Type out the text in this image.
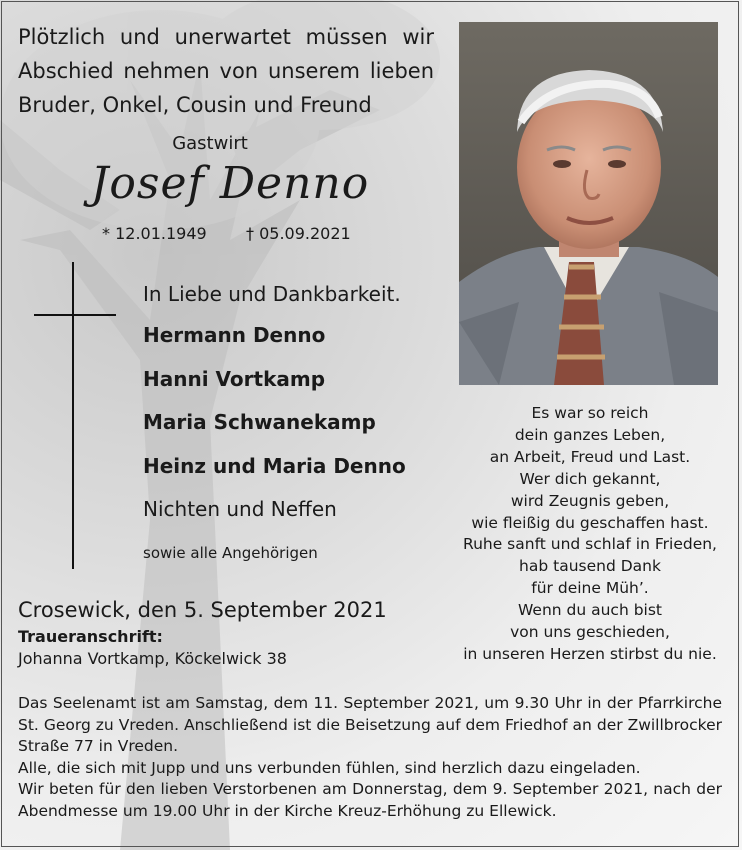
Plötzlich und unerwartet müssen wir
Abschied nehmen von unserem lieben
Bruder, Onkel, Cousin und Freund
Gastwirt
Josef Denno
* 12.01.1949 † 05.09.2021
In Liebe und Dankbarkeit.
Hermann Denno
Hanni Vortkamp
Maria Schwanekamp
Heinz und Maria Denno
Nichten und Neffen
sowie alle Angehörigen
Crosewick, den 5. September 2021
Traueranschrift:
Johanna Vortkamp, Köckelwick 38
Es war so reich
dein ganzes Leben,
an Arbeit, Freud und Last.
Wer dich gekannt,
wird Zeugnis geben,
wie fleißig du geschaffen hast.
Ruhe sanft und schlaf in Frieden,
hab tausend Dank
für deine Müh’.
Wenn du auch bist
von uns geschieden,
in unseren Herzen stirbst du nie.
Das Seelenamt ist am Samstag, dem 11. September 2021, um 9.30 Uhr in der Pfarrkirche
St. Georg zu Vreden. Anschließend ist die Beisetzung auf dem Friedhof an der Zwillbrocker
Straße 77 in Vreden.
Alle, die sich mit Jupp und uns verbunden fühlen, sind herzlich dazu eingeladen.
Wir beten für den lieben Verstorbenen am Donnerstag, dem 9. September 2021, nach der
Abendmesse um 19.00 Uhr in der Kirche Kreuz-Erhöhung zu Ellewick.
